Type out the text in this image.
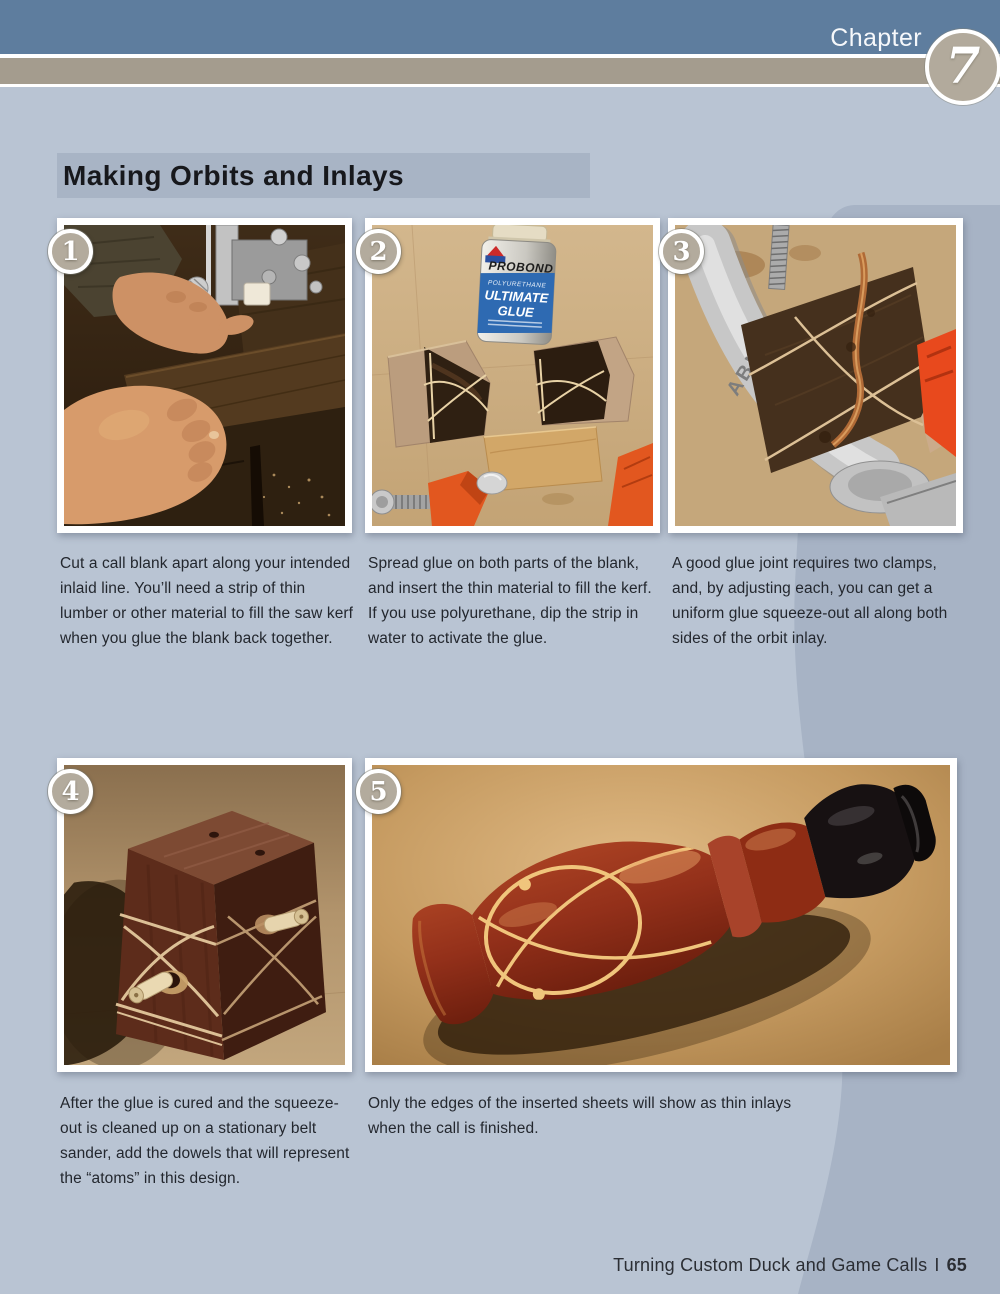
Chapter 7
Making Orbits and Inlays
1
PROBOND
POLYURETHANE
ULTIMATE
GLUE
2	3
4	5
Cut a call blank apart along your intended inlaid line. You’ll need a strip of thin lumber or other material to fill the saw kerf when you glue the blank back together.
Spread glue on both parts of the blank, and insert the thin material to fill the kerf. If you use polyurethane, dip the strip in water to activate the glue.
A good glue joint requires two clamps, and, by adjusting each, you can get a uniform glue squeeze-out all along both sides of the orbit inlay.
After the glue is cured and the squeeze-out is cleaned up on a stationary belt sander, add the dowels that will represent the “atoms” in this design.
Only the edges of the inserted sheets will show as thin inlays when the call is finished.
Turning Custom Duck and Game Calls I 65
